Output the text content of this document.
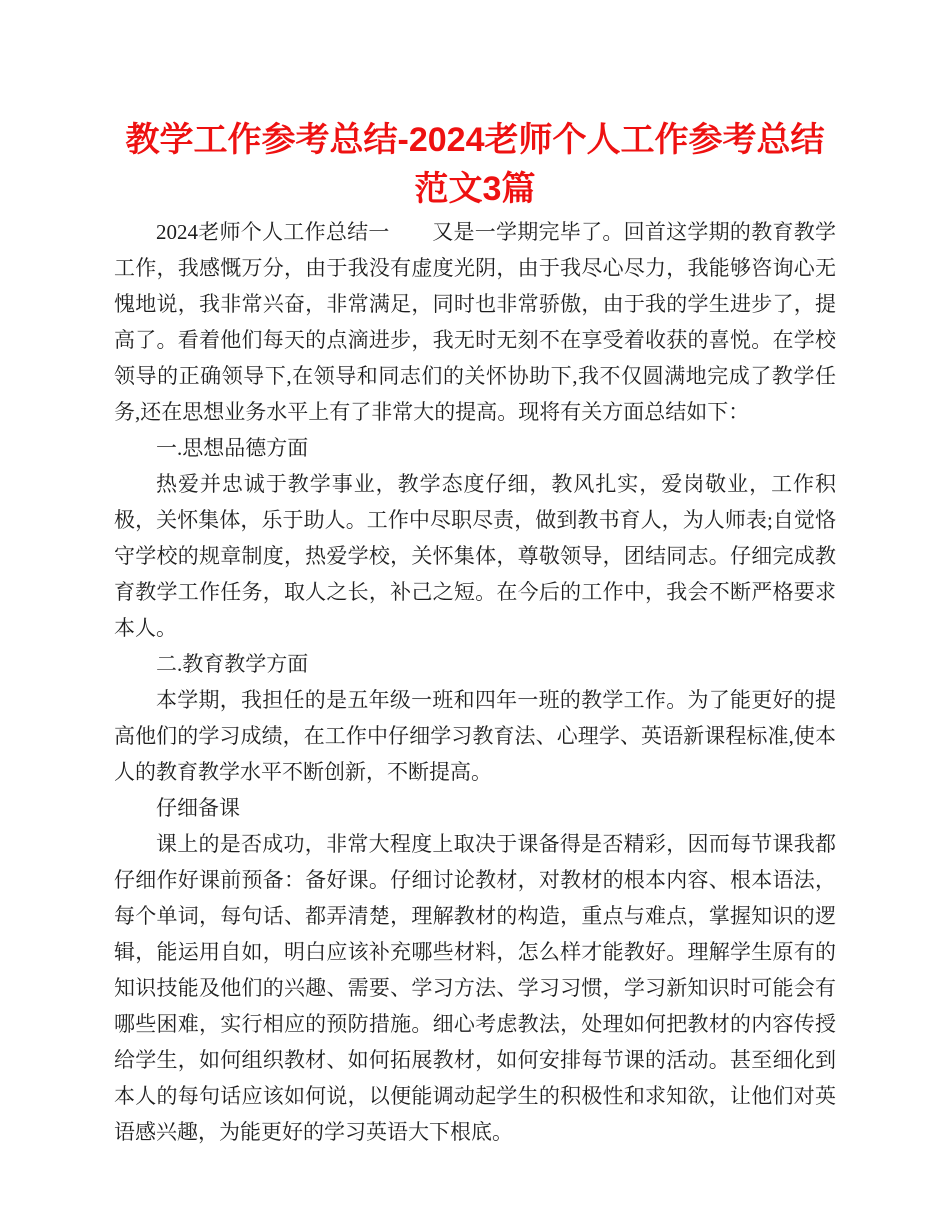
教学工作参考总结-2024老师个人工作参考总结
范文3篇

2024老师个人工作总结一　　又是一学期完毕了。回首这学期的教育教学工作，我感慨万分，由于我没有虚度光阴，由于我尽心尽力，我能够咨询心无愧地说，我非常兴奋，非常满足，同时也非常骄傲，由于我的学生进步了，提高了。看着他们每天的点滴进步，我无时无刻不在享受着收获的喜悦。在学校领导的正确领导下,在领导和同志们的关怀协助下,我不仅圆满地完成了教学任务,还在思想业务水平上有了非常大的提高。现将有关方面总结如下：

一.思想品德方面

热爱并忠诚于教学事业，教学态度仔细，教风扎实，爱岗敬业，工作积极，关怀集体，乐于助人。工作中尽职尽责，做到教书育人，为人师表;自觉恪守学校的规章制度，热爱学校，关怀集体，尊敬领导，团结同志。仔细完成教育教学工作任务，取人之长，补己之短。在今后的工作中，我会不断严格要求本人。

二.教育教学方面

本学期，我担任的是五年级一班和四年一班的教学工作。为了能更好的提高他们的学习成绩，在工作中仔细学习教育法、心理学、英语新课程标准,使本人的教育教学水平不断创新，不断提高。

仔细备课

课上的是否成功，非常大程度上取决于课备得是否精彩，因而每节课我都仔细作好课前预备：备好课。仔细讨论教材，对教材的根本内容、根本语法，每个单词，每句话、都弄清楚，理解教材的构造，重点与难点，掌握知识的逻辑，能运用自如，明白应该补充哪些材料，怎么样才能教好。理解学生原有的知识技能及他们的兴趣、需要、学习方法、学习习惯，学习新知识时可能会有哪些困难，实行相应的预防措施。细心考虑教法，处理如何把教材的内容传授给学生，如何组织教材、如何拓展教材，如何安排每节课的活动。甚至细化到本人的每句话应该如何说，以便能调动起学生的积极性和求知欲，让他们对英语感兴趣，为能更好的学习英语大下根底。
